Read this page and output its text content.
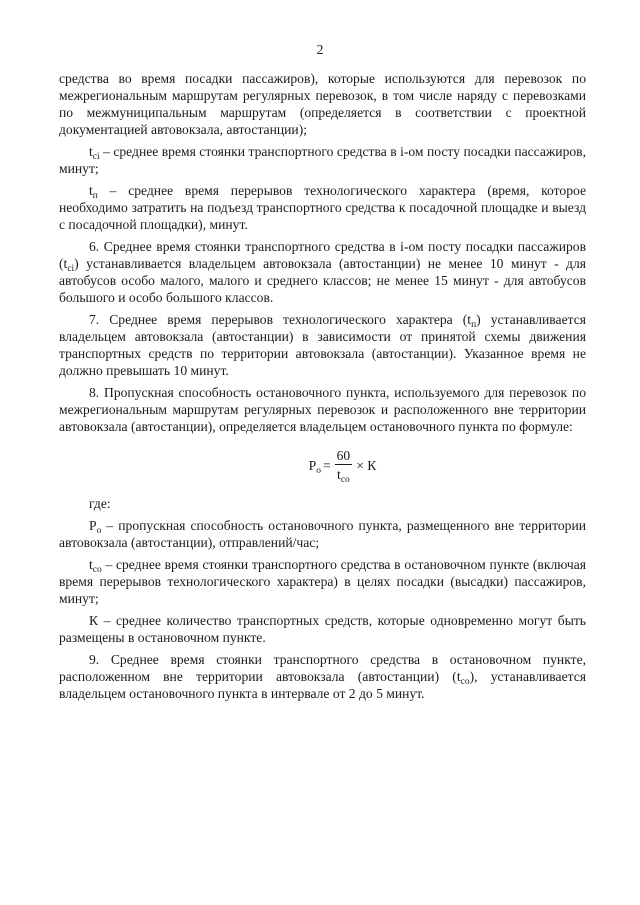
2

средства во время посадки пассажиров), которые используются для перевозок по межрегиональным маршрутам регулярных перевозок, в том числе наряду с перевозками по межмуниципальным маршрутам (определяется в соответствии с проектной документацией автовокзала, автостанции);

$t_{ci}$ – среднее время стоянки транспортного средства в i-ом посту посадки пассажиров, минут;

$t_п$ – среднее время перерывов технологического характера (время, которое необходимо затратить на подъезд транспортного средства к посадочной площадке и выезд с посадочной площадки), минут.

6. Среднее время стоянки транспортного средства в i-ом посту посадки пассажиров $(t_{ci})$ устанавливается владельцем автовокзала (автостанции) не менее 10 минут - для автобусов особо малого, малого и среднего классов; не менее 15 минут - для автобусов большого и особо большого классов.

7. Среднее время перерывов технологического характера $(t_п)$ устанавливается владельцем автовокзала (автостанции) в зависимости от принятой схемы движения транспортных средств по территории автовокзала (автостанции). Указанное время не должно превышать 10 минут.

8. Пропускная способность остановочного пункта, используемого для перевозок по межрегиональным маршрутам регулярных перевозок и расположенного вне территории автовокзала (автостанции), определяется владельцем остановочного пункта по формуле:

$P_о = \frac{60}{t_{со}} \times К$

где:

$P_о$ – пропускная способность остановочного пункта, размещенного вне территории автовокзала (автостанции), отправлений/час;

$t_{со}$ – среднее время стоянки транспортного средства в остановочном пункте (включая время перерывов технологического характера) в целях посадки (высадки) пассажиров, минут;

К – среднее количество транспортных средств, которые одновременно могут быть размещены в остановочном пункте.

9. Среднее время стоянки транспортного средства в остановочном пункте, расположенном вне территории автовокзала (автостанции) $(t_{со})$, устанавливается владельцем остановочного пункта в интервале от 2 до 5 минут.
